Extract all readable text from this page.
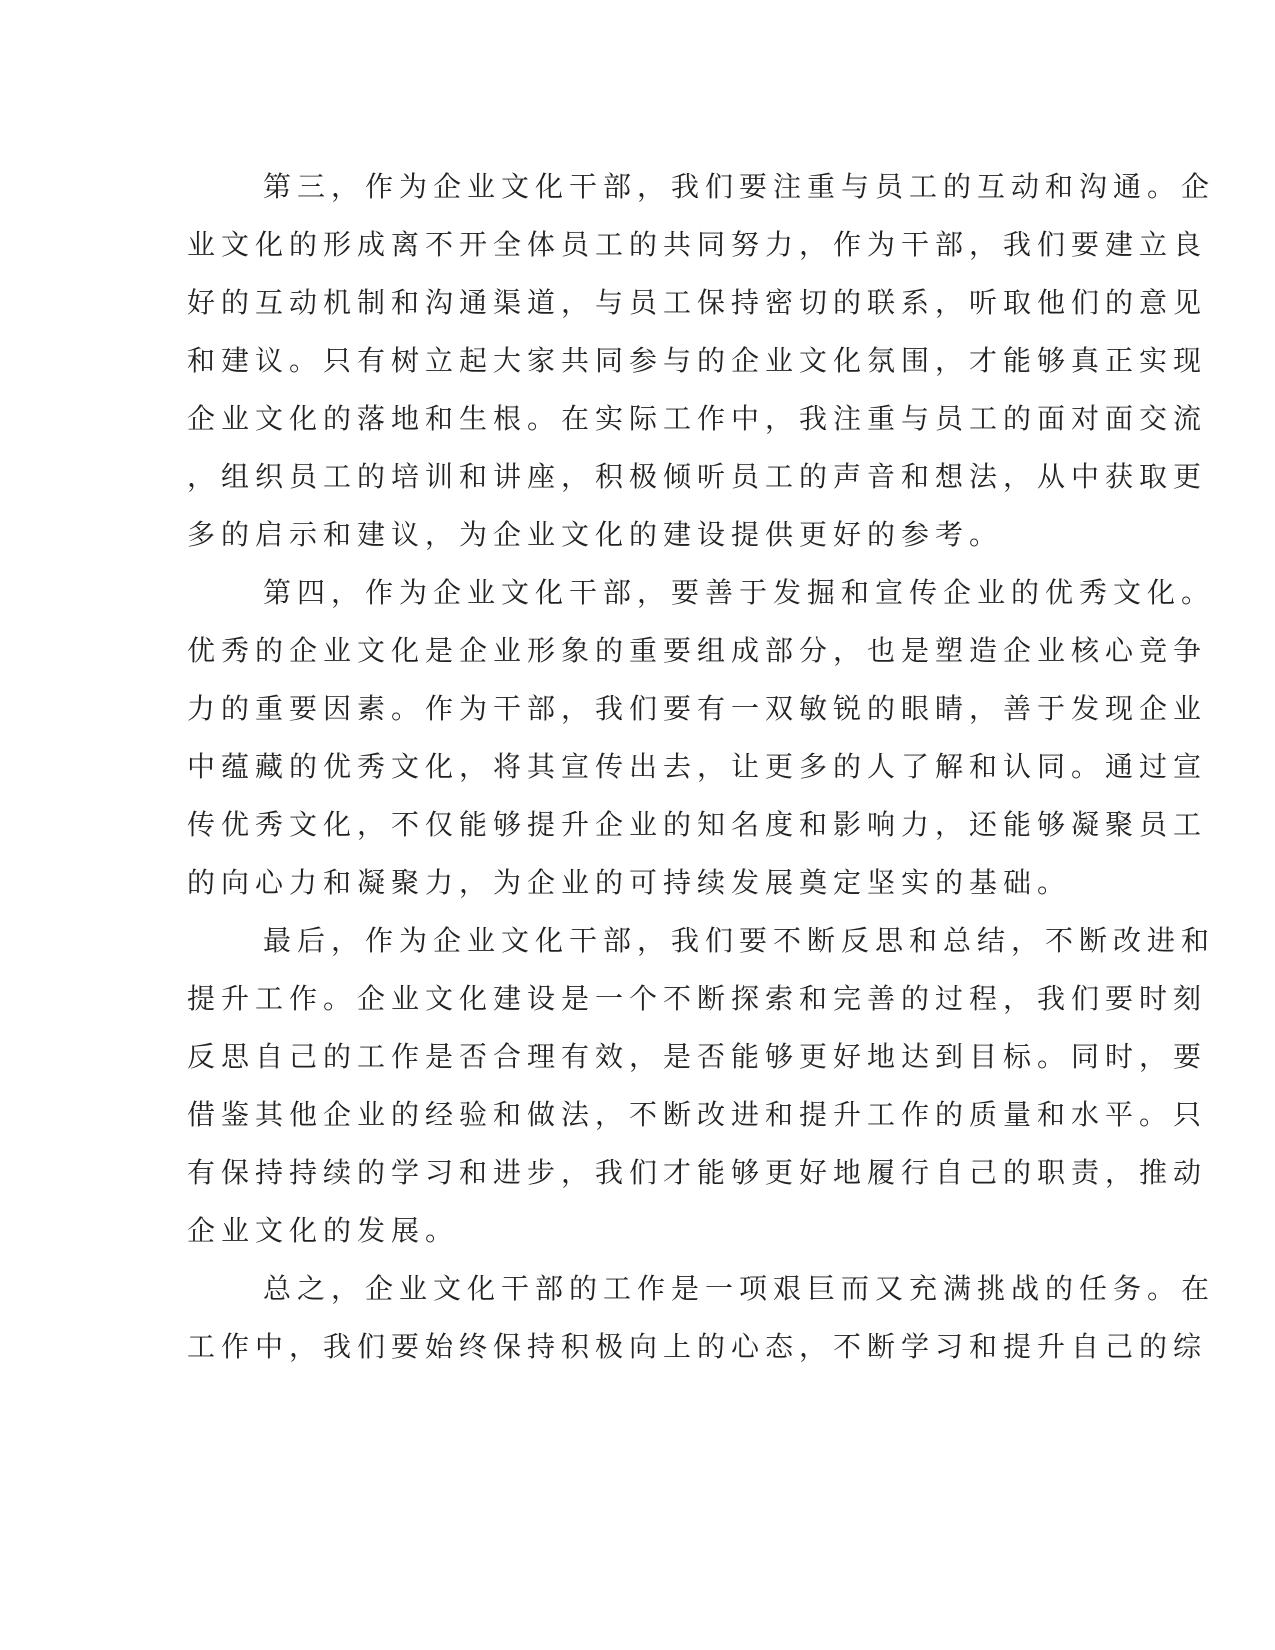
第三，作为企业文化干部，我们要注重与员工的互动和沟通。企
业文化的形成离不开全体员工的共同努力，作为干部，我们要建立良
好的互动机制和沟通渠道，与员工保持密切的联系，听取他们的意见
和建议。只有树立起大家共同参与的企业文化氛围，才能够真正实现
企业文化的落地和生根。在实际工作中，我注重与员工的面对面交流
，组织员工的培训和讲座，积极倾听员工的声音和想法，从中获取更
多的启示和建议，为企业文化的建设提供更好的参考。
第四，作为企业文化干部，要善于发掘和宣传企业的优秀文化。
优秀的企业文化是企业形象的重要组成部分，也是塑造企业核心竞争
力的重要因素。作为干部，我们要有一双敏锐的眼睛，善于发现企业
中蕴藏的优秀文化，将其宣传出去，让更多的人了解和认同。通过宣
传优秀文化，不仅能够提升企业的知名度和影响力，还能够凝聚员工
的向心力和凝聚力，为企业的可持续发展奠定坚实的基础。
最后，作为企业文化干部，我们要不断反思和总结，不断改进和
提升工作。企业文化建设是一个不断探索和完善的过程，我们要时刻
反思自己的工作是否合理有效，是否能够更好地达到目标。同时，要
借鉴其他企业的经验和做法，不断改进和提升工作的质量和水平。只
有保持持续的学习和进步，我们才能够更好地履行自己的职责，推动
企业文化的发展。
总之，企业文化干部的工作是一项艰巨而又充满挑战的任务。在
工作中，我们要始终保持积极向上的心态，不断学习和提升自己的综
